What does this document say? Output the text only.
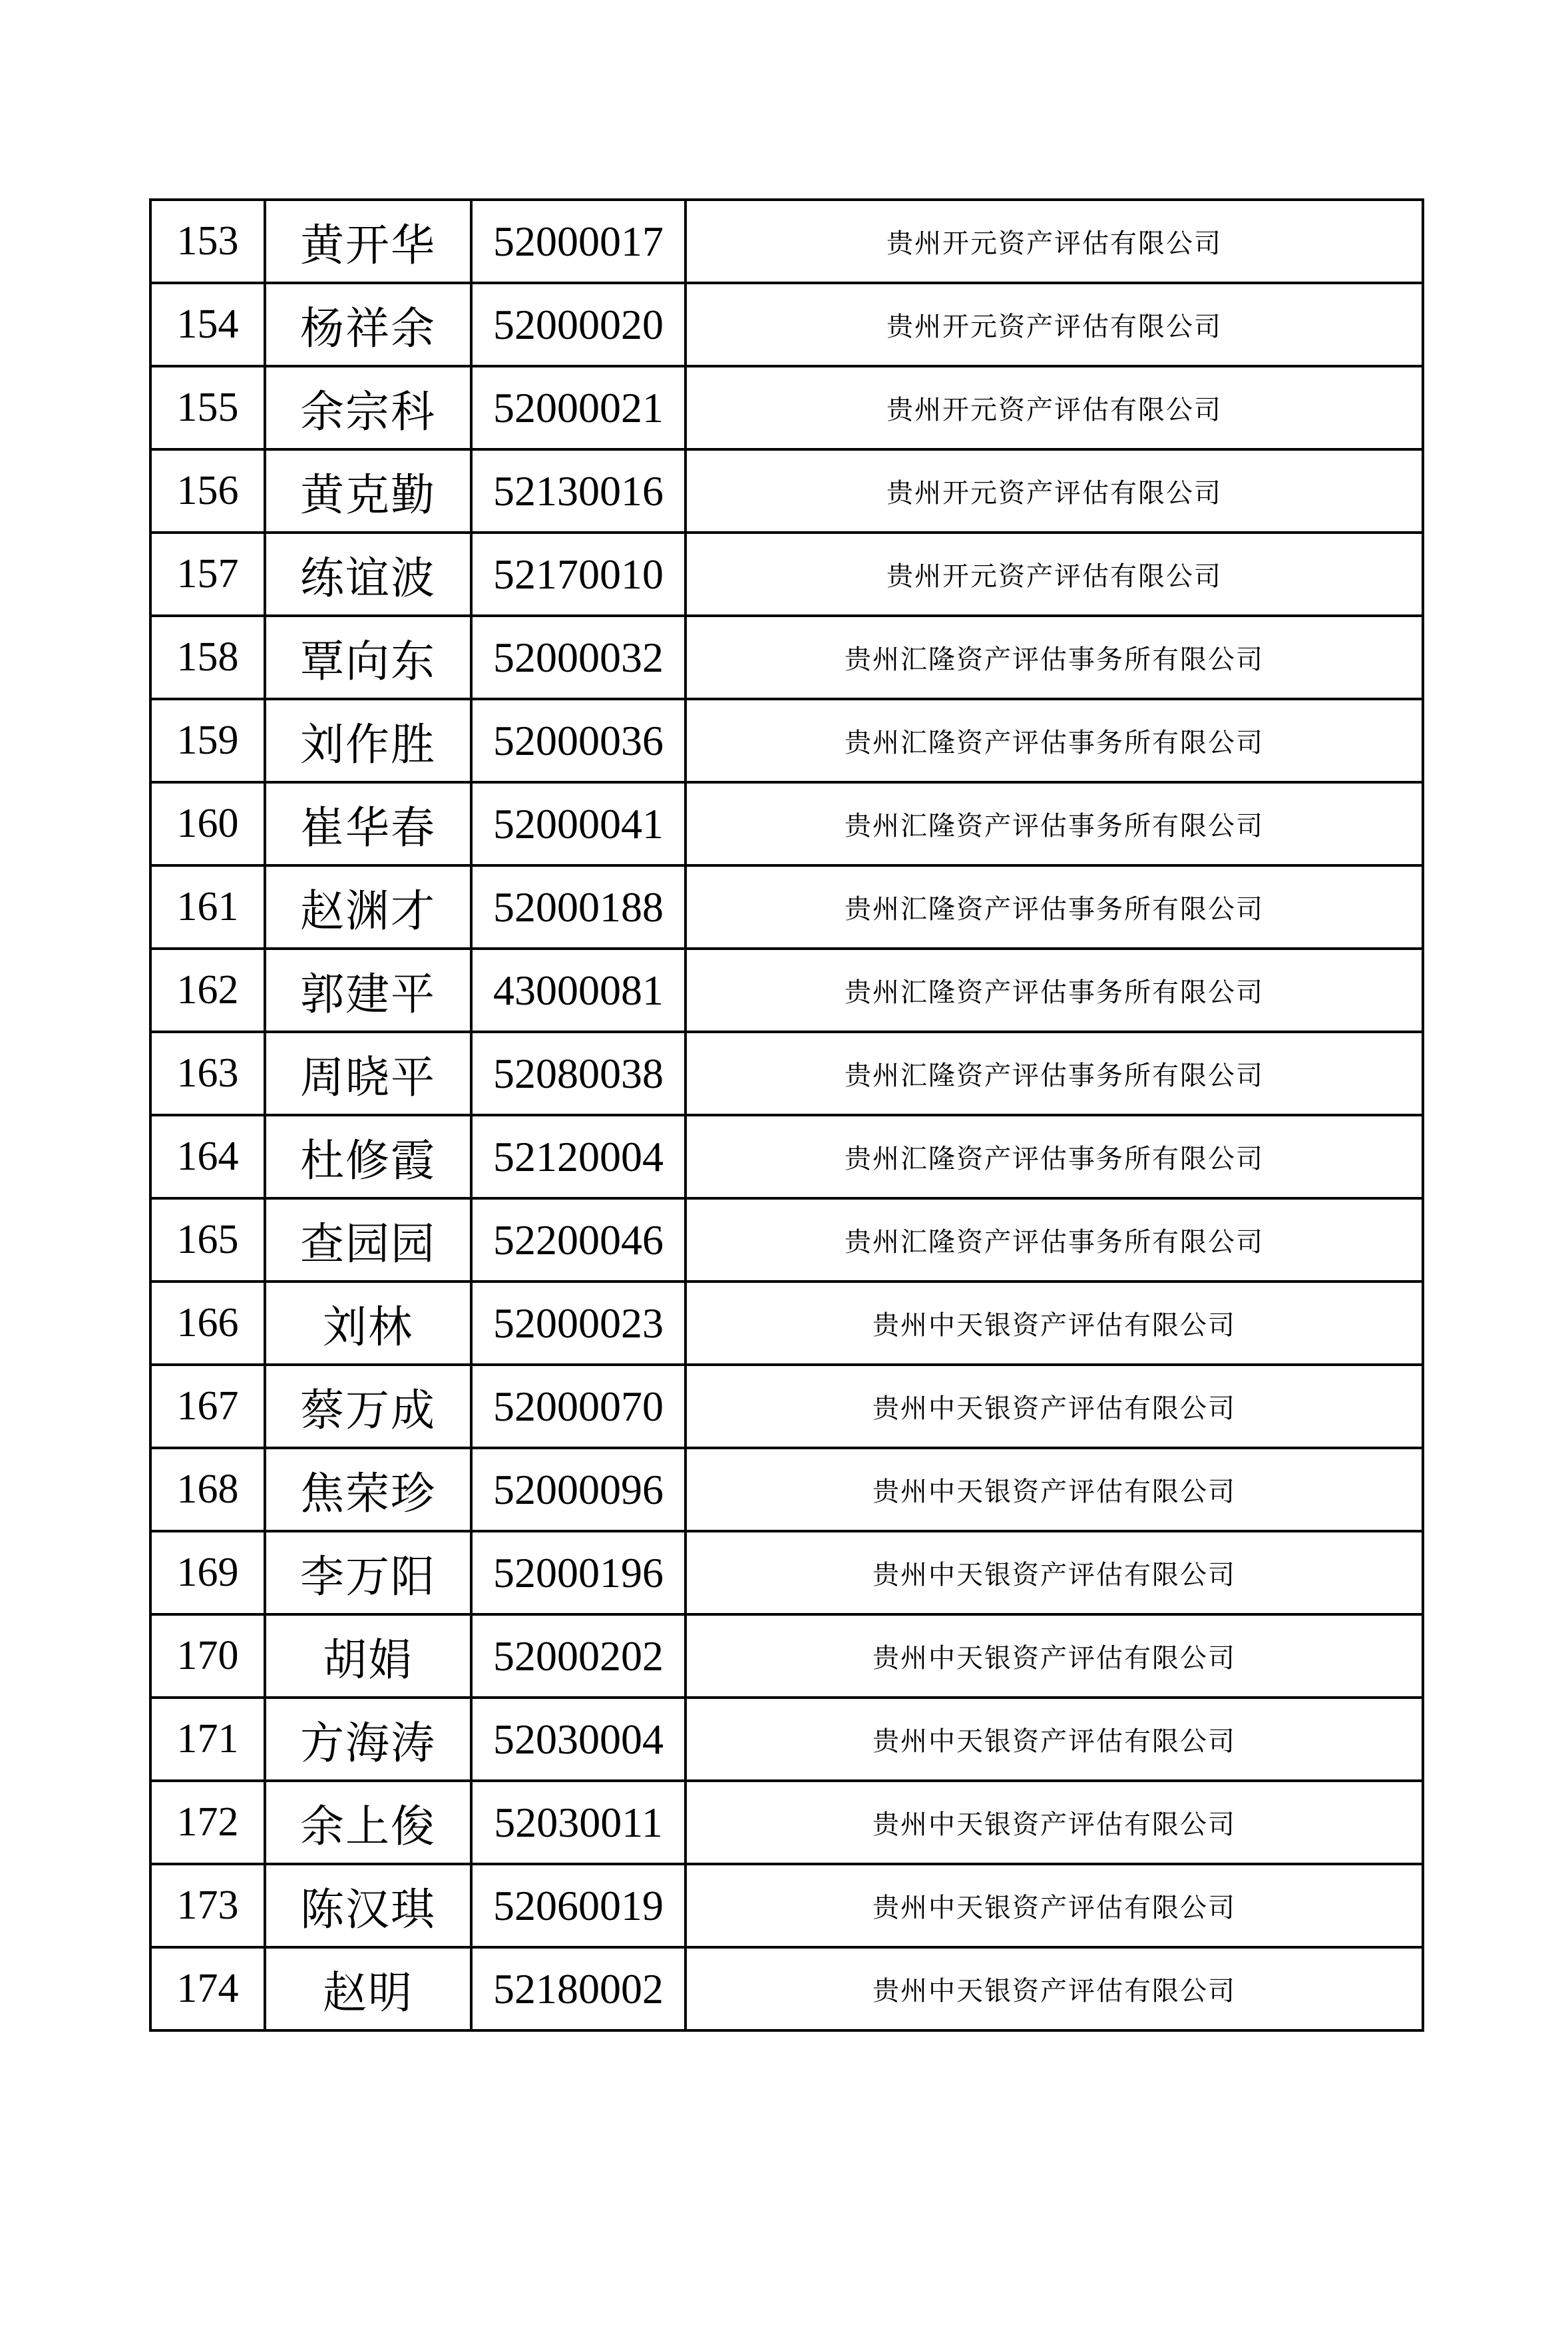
153	黄开华	52000017	贵州开元资产评估有限公司
154	杨祥余	52000020	贵州开元资产评估有限公司
155	余宗科	52000021	贵州开元资产评估有限公司
156	黄克勤	52130016	贵州开元资产评估有限公司
157	练谊波	52170010	贵州开元资产评估有限公司
158	覃向东	52000032	贵州汇隆资产评估事务所有限公司
159	刘作胜	52000036	贵州汇隆资产评估事务所有限公司
160	崔华春	52000041	贵州汇隆资产评估事务所有限公司
161	赵渊才	52000188	贵州汇隆资产评估事务所有限公司
162	郭建平	43000081	贵州汇隆资产评估事务所有限公司
163	周晓平	52080038	贵州汇隆资产评估事务所有限公司
164	杜修霞	52120004	贵州汇隆资产评估事务所有限公司
165	查园园	52200046	贵州汇隆资产评估事务所有限公司
166	刘林	52000023	贵州中天银资产评估有限公司
167	蔡万成	52000070	贵州中天银资产评估有限公司
168	焦荣珍	52000096	贵州中天银资产评估有限公司
169	李万阳	52000196	贵州中天银资产评估有限公司
170	胡娟	52000202	贵州中天银资产评估有限公司
171	方海涛	52030004	贵州中天银资产评估有限公司
172	余上俊	52030011	贵州中天银资产评估有限公司
173	陈汉琪	52060019	贵州中天银资产评估有限公司
174	赵明	52180002	贵州中天银资产评估有限公司
